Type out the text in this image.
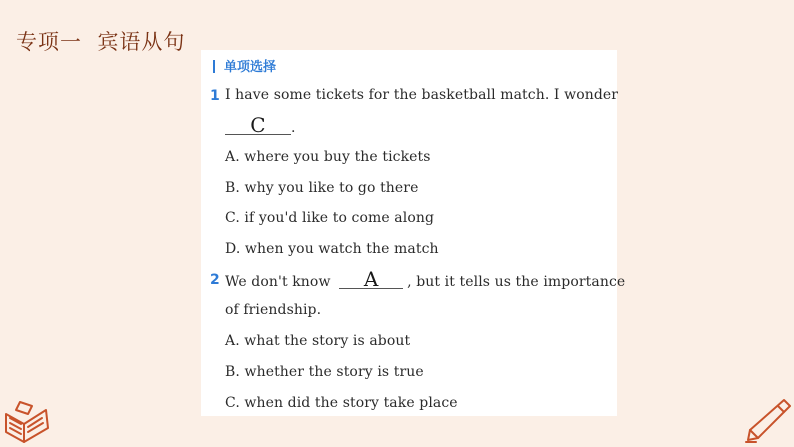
专项一  宾语从句
单项选择
1 I have some tickets for the basketball match. I wonder
C	.
A. where you buy the tickets
B. why you like to go there
C. if you'd like to come along
D. when you watch the match
2 We don't know	A	, but it tells us the importance
of friendship.
A. what the story is about
B. whether the story is true
C. when did the story take place
